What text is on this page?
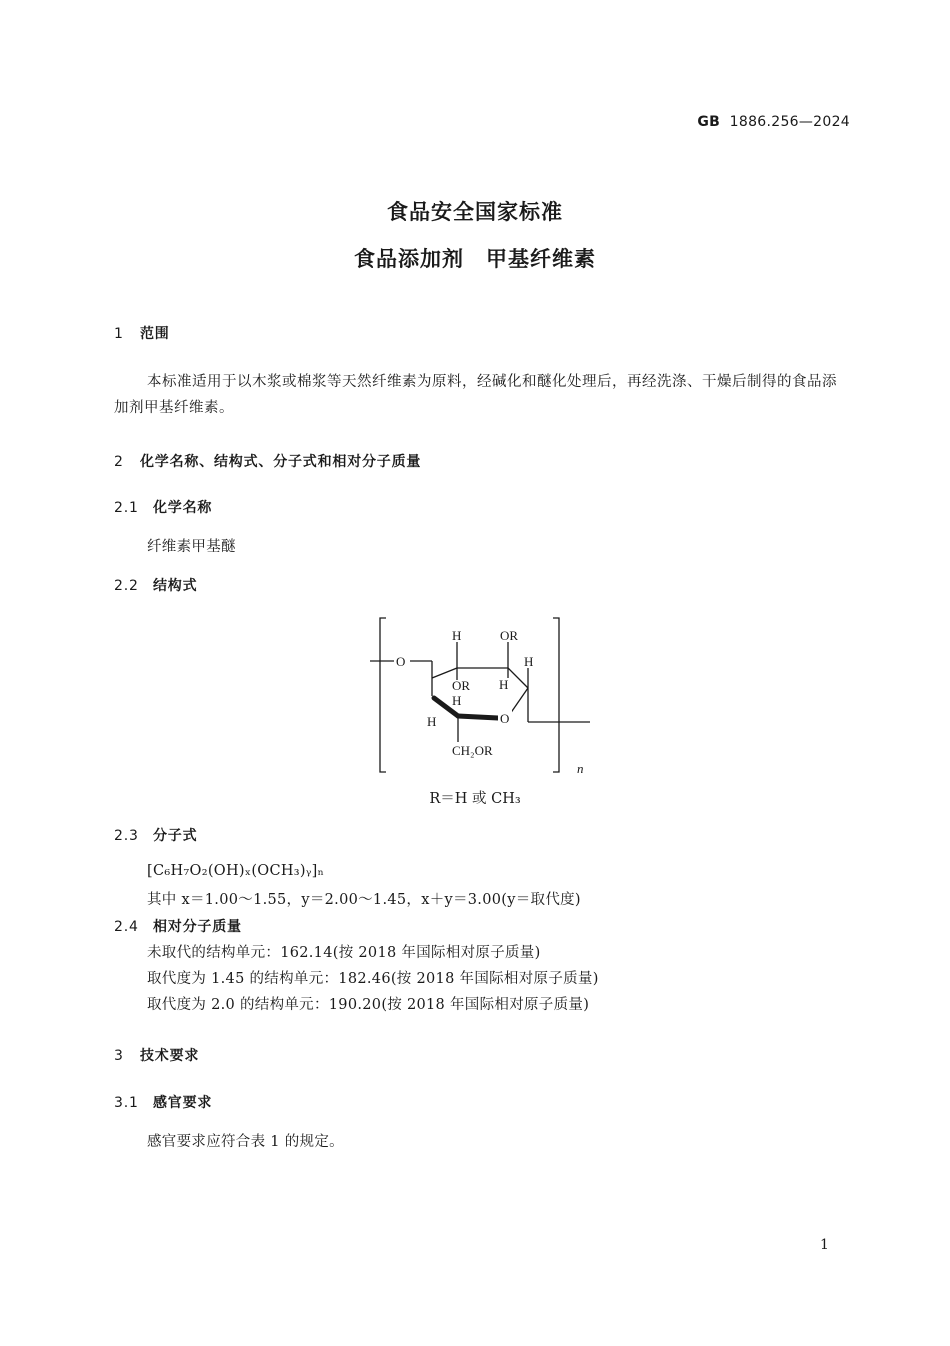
GB 1886.256—2024
食品安全国家标准
食品添加剂　甲基纤维素
1 范围
本标准适用于以木浆或棉浆等天然纤维素为原料，经碱化和醚化处理后，再经洗涤、干燥后制得的食品添加剂甲基纤维素。
2 化学名称、结构式、分子式和相对分子质量
2.1 化学名称
纤维素甲基醚
2.2 结构式
O
H	OR
H
OR H
H
O
H
CH₂OR
n
R＝H 或 CH₃
2.3 分子式
[C₆H₇O₂(OH)ₓ(OCH₃)ᵧ]ₙ
其中 x＝1.00～1.55，y＝2.00～1.45，x＋y＝3.00(y＝取代度)
2.4 相对分子质量
未取代的结构单元：162.14(按 2018 年国际相对原子质量)
取代度为 1.45 的结构单元：182.46(按 2018 年国际相对原子质量)
取代度为 2.0 的结构单元：190.20(按 2018 年国际相对原子质量)
3 技术要求
3.1 感官要求
感官要求应符合表 1 的规定。
1
